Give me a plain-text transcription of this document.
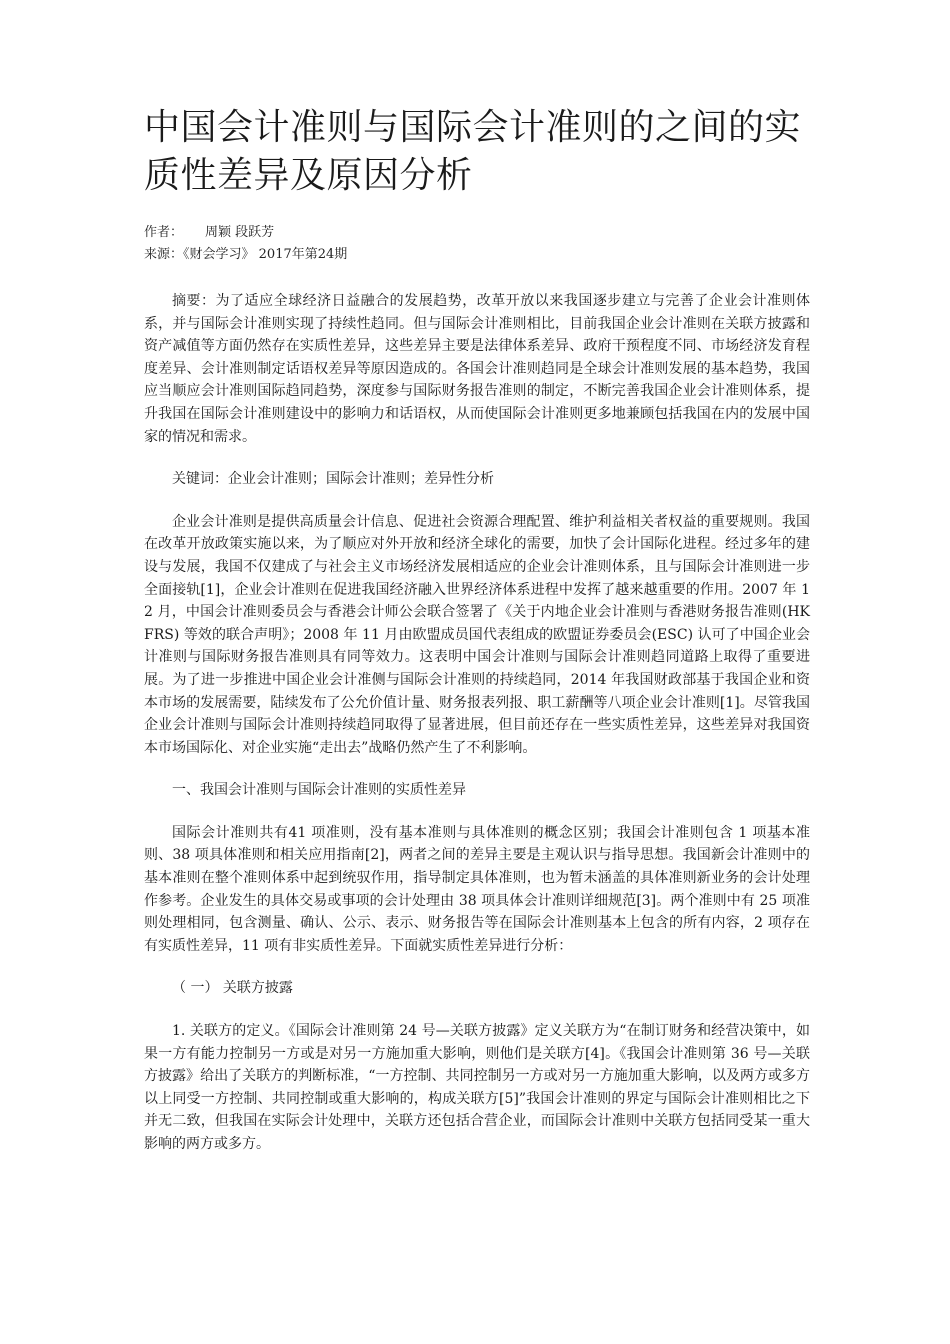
中国会计准则与国际会计准则的之间的实质性差异及原因分析
作者： 周颖 段跃芳
来源：《财会学习》 2017年第24期

摘要：为了适应全球经济日益融合的发展趋势，改革开放以来我国逐步建立与完善了企业会计准则体系，并与国际会计准则实现了持续性趋同。但与国际会计准则相比，目前我国企业会计准则在关联方披露和资产减值等方面仍然存在实质性差异，这些差异主要是法律体系差异、政府干预程度不同、市场经济发育程度差异、会计准则制定话语权差异等原因造成的。各国会计准则趋同是全球会计准则发展的基本趋势，我国应当顺应会计准则国际趋同趋势，深度参与国际财务报告准则的制定，不断完善我国企业会计准则体系，提升我国在国际会计准则建设中的影响力和话语权，从而使国际会计准则更多地兼顾包括我国在内的发展中国家的情况和需求。

关键词：企业会计准则；国际会计准则；差异性分析

企业会计准则是提供高质量会计信息、促进社会资源合理配置、维护利益相关者权益的重要规则。我国在改革开放政策实施以来，为了顺应对外开放和经济全球化的需要，加快了会计国际化进程。经过多年的建设与发展，我国不仅建成了与社会主义市场经济发展相适应的企业会计准则体系，且与国际会计准则进一步全面接轨[1]，企业会计准则在促进我国经济融入世界经济体系进程中发挥了越来越重要的作用。2007 年 12 月，中国会计准则委员会与香港会计师公会联合签署了《关于内地企业会计准则与香港财务报告准则(HKFRS) 等效的联合声明》；2008 年 11 月由欧盟成员国代表组成的欧盟证券委员会(ESC) 认可了中国企业会计准则与国际财务报告准则具有同等效力。这表明中国会计准则与国际会计准则趋同道路上取得了重要进展。为了进一步推进中国企业会计准侧与国际会计准则的持续趋同，2014 年我国财政部基于我国企业和资本市场的发展需要，陆续发布了公允价值计量、财务报表列报、职工薪酬等八项企业会计准则[1]。尽管我国企业会计准则与国际会计准则持续趋同取得了显著进展，但目前还存在一些实质性差异，这些差异对我国资本市场国际化、对企业实施“走出去”战略仍然产生了不利影响。

一、我国会计准则与国际会计准则的实质性差异

国际会计准则共有41 项准则，没有基本准则与具体准则的概念区别；我国会计准则包含 1 项基本准则、38 项具体准则和相关应用指南[2]，两者之间的差异主要是主观认识与指导思想。我国新会计准则中的基本准则在整个准则体系中起到统驭作用，指导制定具体准则，也为暂未涵盖的具体准则新业务的会计处理作参考。企业发生的具体交易或事项的会计处理由 38 项具体会计准则详细规范[3]。两个准则中有 25 项准则处理相同，包含测量、确认、公示、表示、财务报告等在国际会计准则基本上包含的所有内容，2 项存在有实质性差异，11 项有非实质性差异。下面就实质性差异进行分析：

（ 一） 关联方披露

1. 关联方的定义。《国际会计准则第 24 号—关联方披露》定义关联方为“在制订财务和经营决策中，如果一方有能力控制另一方或是对另一方施加重大影响，则他们是关联方[4]。《我国会计准则第 36 号—关联方披露》给出了关联方的判断标准，“一方控制、共同控制另一方或对另一方施加重大影响，以及两方或多方以上同受一方控制、共同控制或重大影响的，构成关联方[5]”我国会计准则的界定与国际会计准则相比之下并无二致，但我国在实际会计处理中，关联方还包括合营企业，而国际会计准则中关联方包括同受某一重大影响的两方或多方。
